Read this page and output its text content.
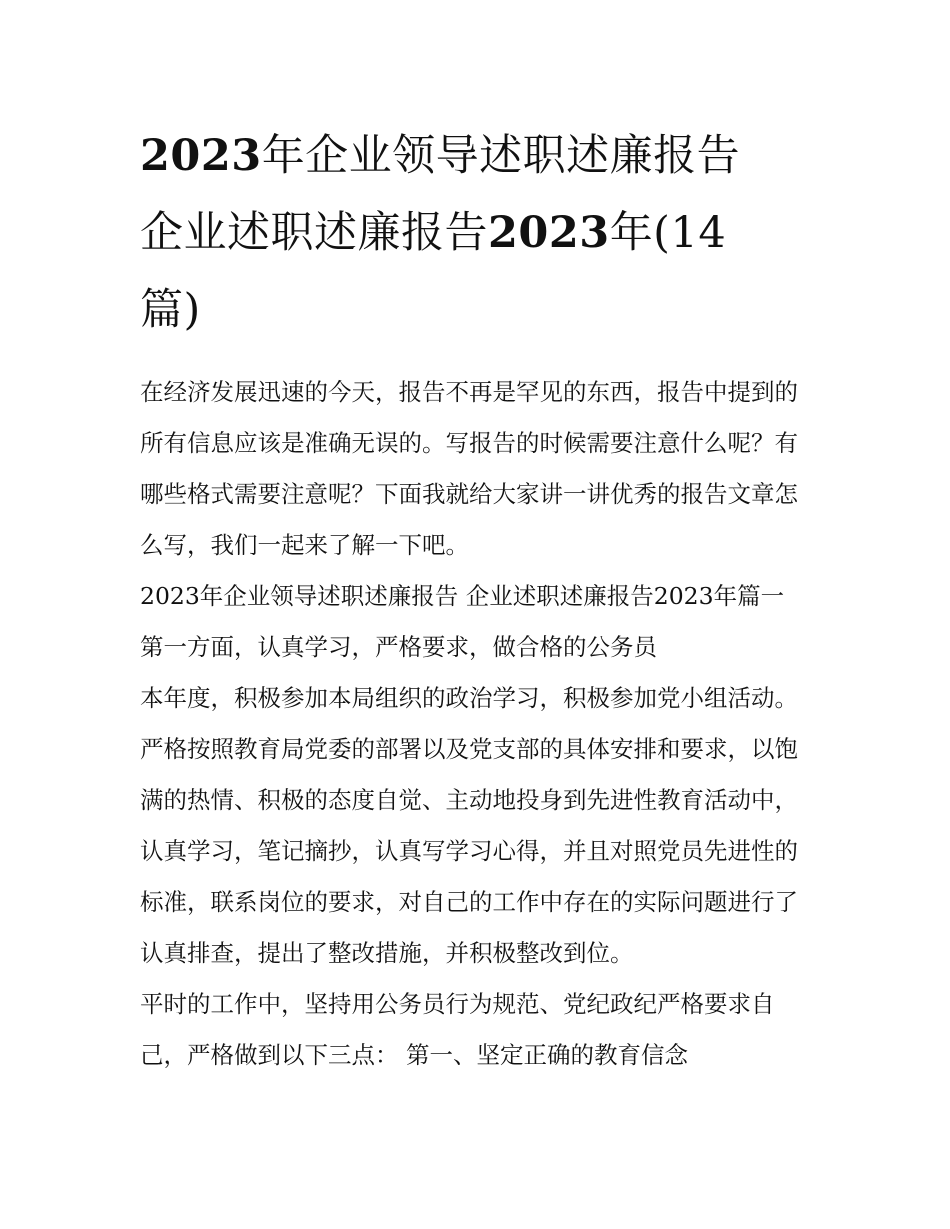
2023年企业领导述职述廉报告
企业述职述廉报告2023年(14
篇)

在经济发展迅速的今天，报告不再是罕见的东西，报告中提到的所有信息应该是准确无误的。写报告的时候需要注意什么呢？有哪些格式需要注意呢？下面我就给大家讲一讲优秀的报告文章怎么写，我们一起来了解一下吧。

2023年企业领导述职述廉报告 企业述职述廉报告2023年篇一

第一方面，认真学习，严格要求，做合格的公务员

本年度，积极参加本局组织的政治学习，积极参加党小组活动。严格按照教育局党委的部署以及党支部的具体安排和要求，以饱满的热情、积极的态度自觉、主动地投身到先进性教育活动中，认真学习，笔记摘抄，认真写学习心得，并且对照党员先进性的标准，联系岗位的要求，对自己的工作中存在的实际问题进行了认真排查，提出了整改措施，并积极整改到位。

平时的工作中，坚持用公务员行为规范、党纪政纪严格要求自己，严格做到以下三点： 第一、坚定正确的教育信念
